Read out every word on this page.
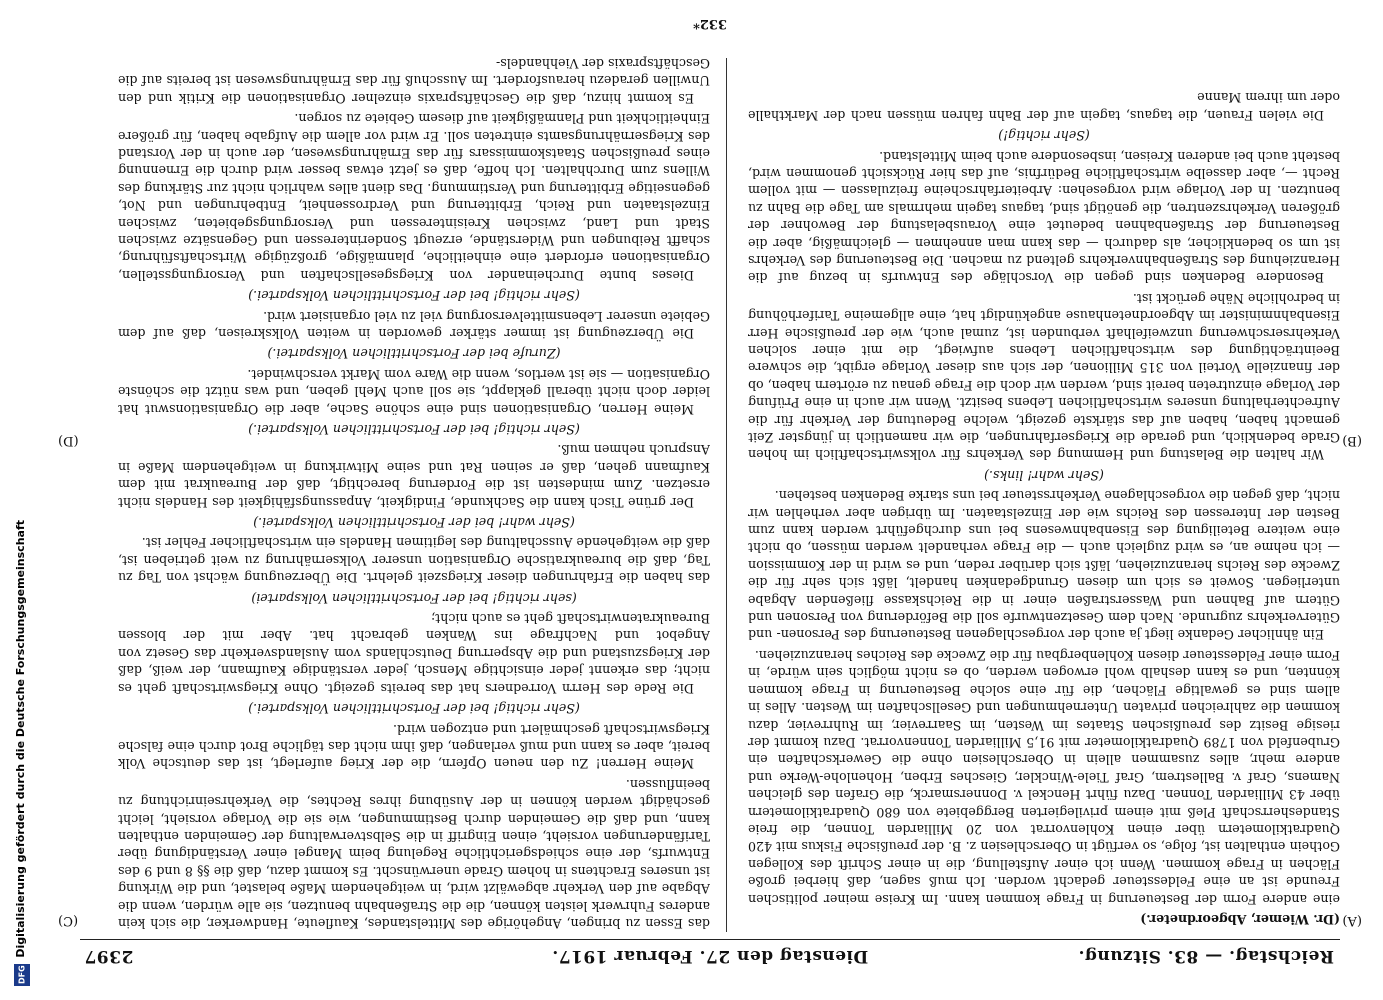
Digitalisierung gefördert durch die Deutsche Forschungsgemeinschaft
DFG
Reichstag. — 83. Sitzung.
Dienstag den 27. Februar 1917.
2397
(A)
(B)
(C)
(D)

(Dr. Wiemer, Abgeordneter.)

eine andere Form der Besteuerung in Frage kommen kann. Im Kreise meiner politischen Freunde ist an eine Feldessteuer gedacht worden. Ich muß sagen, daß hierbei große Flächen in Frage kommen. Wenn ich einer Aufstellung, die in einer Schrift des Kollegen Gothein enthalten ist, folge, so verfügt in Oberschlesien z. B. der preußische Fiskus mit 420 Quadratkilometern über einen Kohlenvorrat von 20 Milliarden Tonnen, die freie Standesherrschaft Pleß mit einem privilegierten Berggebiete von 680 Quadratkilometern über 43 Milliarden Tonnen. Dazu führt Henckel v. Donnersmarck, die Grafen des gleichen Namens, Graf v. Ballestrem, Graf Tiele-Winckler, Giesches Erben, Hohenlohe-Werke und andere mehr, alles zusammen allein in Oberschlesien ohne die Gewerkschaften ein Grubenfeld von 1789 Quadratkilometer mit 91,5 Milliarden Tonnenvorrat. Dazu kommt der riesige Besitz des preußischen Staates im Westen, im Saarrevier, im Ruhrrevier, dazu kommen die zahlreichen privaten Unternehmungen und Gesellschaften im Westen. Alles in allem sind es gewaltige Flächen, die für eine solche Besteuerung in Frage kommen könnten, und es kann deshalb wohl erwogen werden, ob es nicht möglich sein würde, in Form einer Feldessteuer diesen Kohlenbergbau für die Zwecke des Reiches heranzuziehen.

Ein ähnlicher Gedanke liegt ja auch der vorgeschlagenen Besteuerung des Personen- und Güterverkehrs zugrunde. Nach dem Gesetzentwurfe soll die Beförderung von Personen und Gütern auf Bahnen und Wasserstraßen einer in die Reichskasse fließenden Abgabe unterliegen. Soweit es sich um diesen Grundgedanken handelt, läßt sich sehr für die Zwecke des Reichs heranzuziehen, läßt sich darüber reden, und es wird in der Kommission — ich nehme an, es wird zugleich auch — die Frage verhandelt werden müssen, ob nicht eine weitere Beteiligung des Eisenbahnwesens bei uns durchgeführt werden kann zum Besten der Interessen des Reichs wie der Einzelstaaten. Im übrigen aber verhehlen wir nicht, daß gegen die vorgeschlagene Verkehrssteuer bei uns starke Bedenken bestehen.

(Sehr wahr! links.)

Wir halten die Belastung und Hemmung des Verkehrs für volkswirtschaftlich im hohen Grade bedenklich, und gerade die Kriegserfahrungen, die wir namentlich in jüngster Zeit gemacht haben, haben auf das stärkste gezeigt, welche Bedeutung der Verkehr für die Aufrechterhaltung unseres wirtschaftlichen Lebens besitzt. Wenn wir auch in eine Prüfung der Vorlage einzutreten bereit sind, werden wir doch die Frage genau zu erörtern haben, ob der finanzielle Vorteil von 315 Millionen, der sich aus dieser Vorlage ergibt, die schwere Beeinträchtigung des wirtschaftlichen Lebens aufwiegt, die mit einer solchen Verkehrserschwerung unzweifelhaft verbunden ist, zumal auch, wie der preußische Herr Eisenbahnminister im Abgeordnetenhause angekündigt hat, eine allgemeine Tariferhöhung in bedrohliche Nähe gerückt ist.

Besondere Bedenken sind gegen die Vorschläge des Entwurfs in bezug auf die Heranziehung des Straßenbahnverkehrs geltend zu machen. Die Besteuerung des Verkehrs ist um so bedenklicher, als dadurch — das kann man annehmen — gleichmäßig, aber die Besteuerung der Straßenbahnen bedeutet eine Vorausbelastung der Bewohner der größeren Verkehrszentren, die genötigt sind, tagaus tagein mehrmals am Tage die Bahn zu benutzen. In der Vorlage wird vorgesehen: Arbeiterfahrscheine freizulassen — mit vollem Recht —, aber dasselbe wirtschaftliche Bedürfnis, auf das hier Rücksicht genommen wird, besteht auch bei anderen Kreisen, insbesondere auch beim Mittelstand.

(Sehr richtig!)

Die vielen Frauen, die tagaus, tagein auf der Bahn fahren müssen nach der Markthalle oder um ihrem Manne

das Essen zu bringen, Angehörige des Mittelstandes, Kaufleute, Handwerker, die sich kein anderes Fuhrwerk leisten können, die die Straßenbahn benutzen, sie alle würden, wenn die Abgabe auf den Verkehr abgewälzt wird, in weitgehendem Maße belastet, und die Wirkung ist unseres Erachtens in hohem Grade unerwünscht. Es kommt dazu, daß die §§ 8 und 9 des Entwurfs, der eine schiedsgerichtliche Regelung beim Mangel einer Verständigung über Tarifänderungen vorsieht, einen Eingriff in die Selbstverwaltung der Gemeinden enthalten kann, und daß die Gemeinden durch Bestimmungen, wie sie die Vorlage vorsieht, leicht geschädigt werden können in der Ausübung ihres Rechtes, die Verkehrseinrichtung zu beeinflussen.

Meine Herren! Zu den neuen Opfern, die der Krieg auferlegt, ist das deutsche Volk bereit, aber es kann und muß verlangen, daß ihm nicht das tägliche Brot durch eine falsche Kriegswirtschaft geschmälert und entzogen wird.

(Sehr richtig! bei der Fortschrittlichen Volkspartei.)

Die Rede des Herrn Vorredners hat das bereits gezeigt. Ohne Kriegswirtschaft geht es nicht; das erkennt jeder einsichtige Mensch, jeder verständige Kaufmann, der weiß, daß der Kriegszustand und die Absperrung Deutschlands vom Auslandsverkehr das Gesetz von Angebot und Nachfrage ins Wanken gebracht hat. Aber mit der blossen Bureaukratenwirtschaft geht es auch nicht;

(sehr richtig! bei der Fortschrittlichen Volkspartei)

das haben die Erfahrungen dieser Kriegszeit gelehrt. Die Überzeugung wächst von Tag zu Tag, daß die bureaukratische Organisation unserer Volksernährung zu weit getrieben ist, daß die weitgehende Ausschaltung des legitimen Handels ein wirtschaftlicher Fehler ist.

(Sehr wahr! bei der Fortschrittlichen Volkspartei.)

Der grüne Tisch kann die Sachkunde, Findigkeit, Anpassungsfähigkeit des Handels nicht ersetzen. Zum mindesten ist die Forderung berechtigt, daß der Bureaukrat mit dem Kaufmann gehen, daß er seinen Rat und seine Mitwirkung in weitgehendem Maße in Anspruch nehmen muß.

(Sehr richtig! bei der Fortschrittlichen Volkspartei.)

Meine Herren, Organisationen sind eine schöne Sache, aber die Organisationswut hat leider doch nicht überall geklappt, sie soll auch Mehl geben, und was nützt die schönste Organisation — sie ist wertlos, wenn die Ware vom Markt verschwindet.

(Zurufe bei der Fortschrittlichen Volkspartei.)

Die Überzeugung ist immer stärker geworden in weiten Volkskreisen, daß auf dem Gebiete unserer Lebensmittelversorgung viel zu viel organisiert wird.

(Sehr richtig! bei der Fortschrittlichen Volkspartei.)

Dieses bunte Durcheinander von Kriegsgesellschaften und Versorgungsstellen, Organisationen erfordert eine einheitliche, planmäßige, großzügige Wirtschaftsführung, schafft Reibungen und Widerstände, erzeugt Sonderinteressen und Gegensätze zwischen Stadt und Land, zwischen Kreisinteressen und Versorgungsgebieten, zwischen Einzelstaaten und Reich, Erbitterung und Verdrossenheit, Entbehrungen und Not, gegenseitige Erbitterung und Verstimmung. Das dient alles wahrlich nicht zur Stärkung des Willens zum Durchhalten. Ich hoffe, daß es jetzt etwas besser wird durch die Ernennung eines preußischen Staatskommissars für das Ernährungswesen, der auch in der Vorstand des Kriegsernährungsamts eintreten soll. Er wird vor allem die Aufgabe haben, für größere Einheitlichkeit und Planmäßigkeit auf diesem Gebiete zu sorgen.

Es kommt hinzu, daß die Geschäftspraxis einzelner Organisationen die Kritik und den Unwillen geradezu herausfordert. Im Ausschuß für das Ernährungswesen ist bereits auf die Geschäftspraxis der Viehhandels-

332*
